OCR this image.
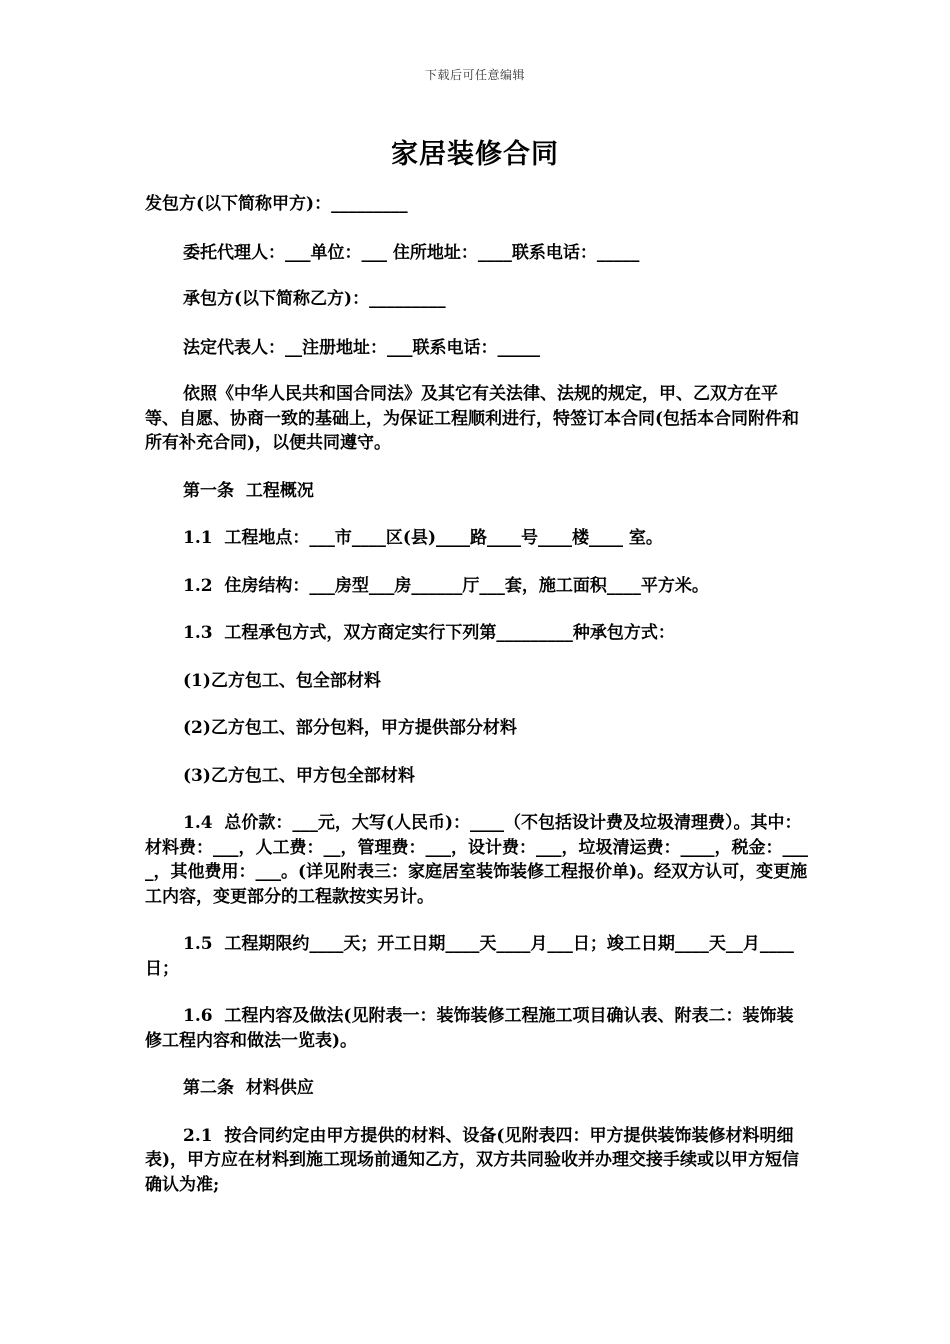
下载后可任意编辑
家居装修合同

发包方(以下简称甲方)：_________

委托代理人：___单位：___ 住所地址：____联系电话：_____

承包方(以下简称乙方)：_________

法定代表人：__注册地址：___联系电话：_____

依照《中华人民共和国合同法》及其它有关法律、法规的规定，甲、乙双方在平等、自愿、协商一致的基础上，为保证工程顺利进行，特签订本合同(包括本合同附件和所有补充合同)，以便共同遵守。

第一条  工程概况

1.1  工程地点：___市____区(县)____路____号____楼____ 室。

1.2  住房结构：___房型___房______厅___套，施工面积____平方米。

1.3  工程承包方式，双方商定实行下列第_________种承包方式：

(1)乙方包工、包全部材料

(2)乙方包工、部分包料，甲方提供部分材料

(3)乙方包工、甲方包全部材料

1.4  总价款：___元，大写(人民币)：____（不包括设计费及垃圾清理费）。其中：材料费：___，人工费：__，管理费：___，设计费：___，垃圾清运费：____，税金：____，其他费用：___。(详见附表三：家庭居室装饰装修工程报价单)。经双方认可，变更施工内容，变更部分的工程款按实另计。

1.5  工程期限约____天；开工日期____天____月___日；竣工日期____天__月____日；

1.6  工程内容及做法(见附表一：装饰装修工程施工项目确认表、附表二：装饰装修工程内容和做法一览表)。

第二条  材料供应

2.1  按合同约定由甲方提供的材料、设备(见附表四：甲方提供装饰装修材料明细表)，甲方应在材料到施工现场前通知乙方，双方共同验收并办理交接手续或以甲方短信确认为准;
